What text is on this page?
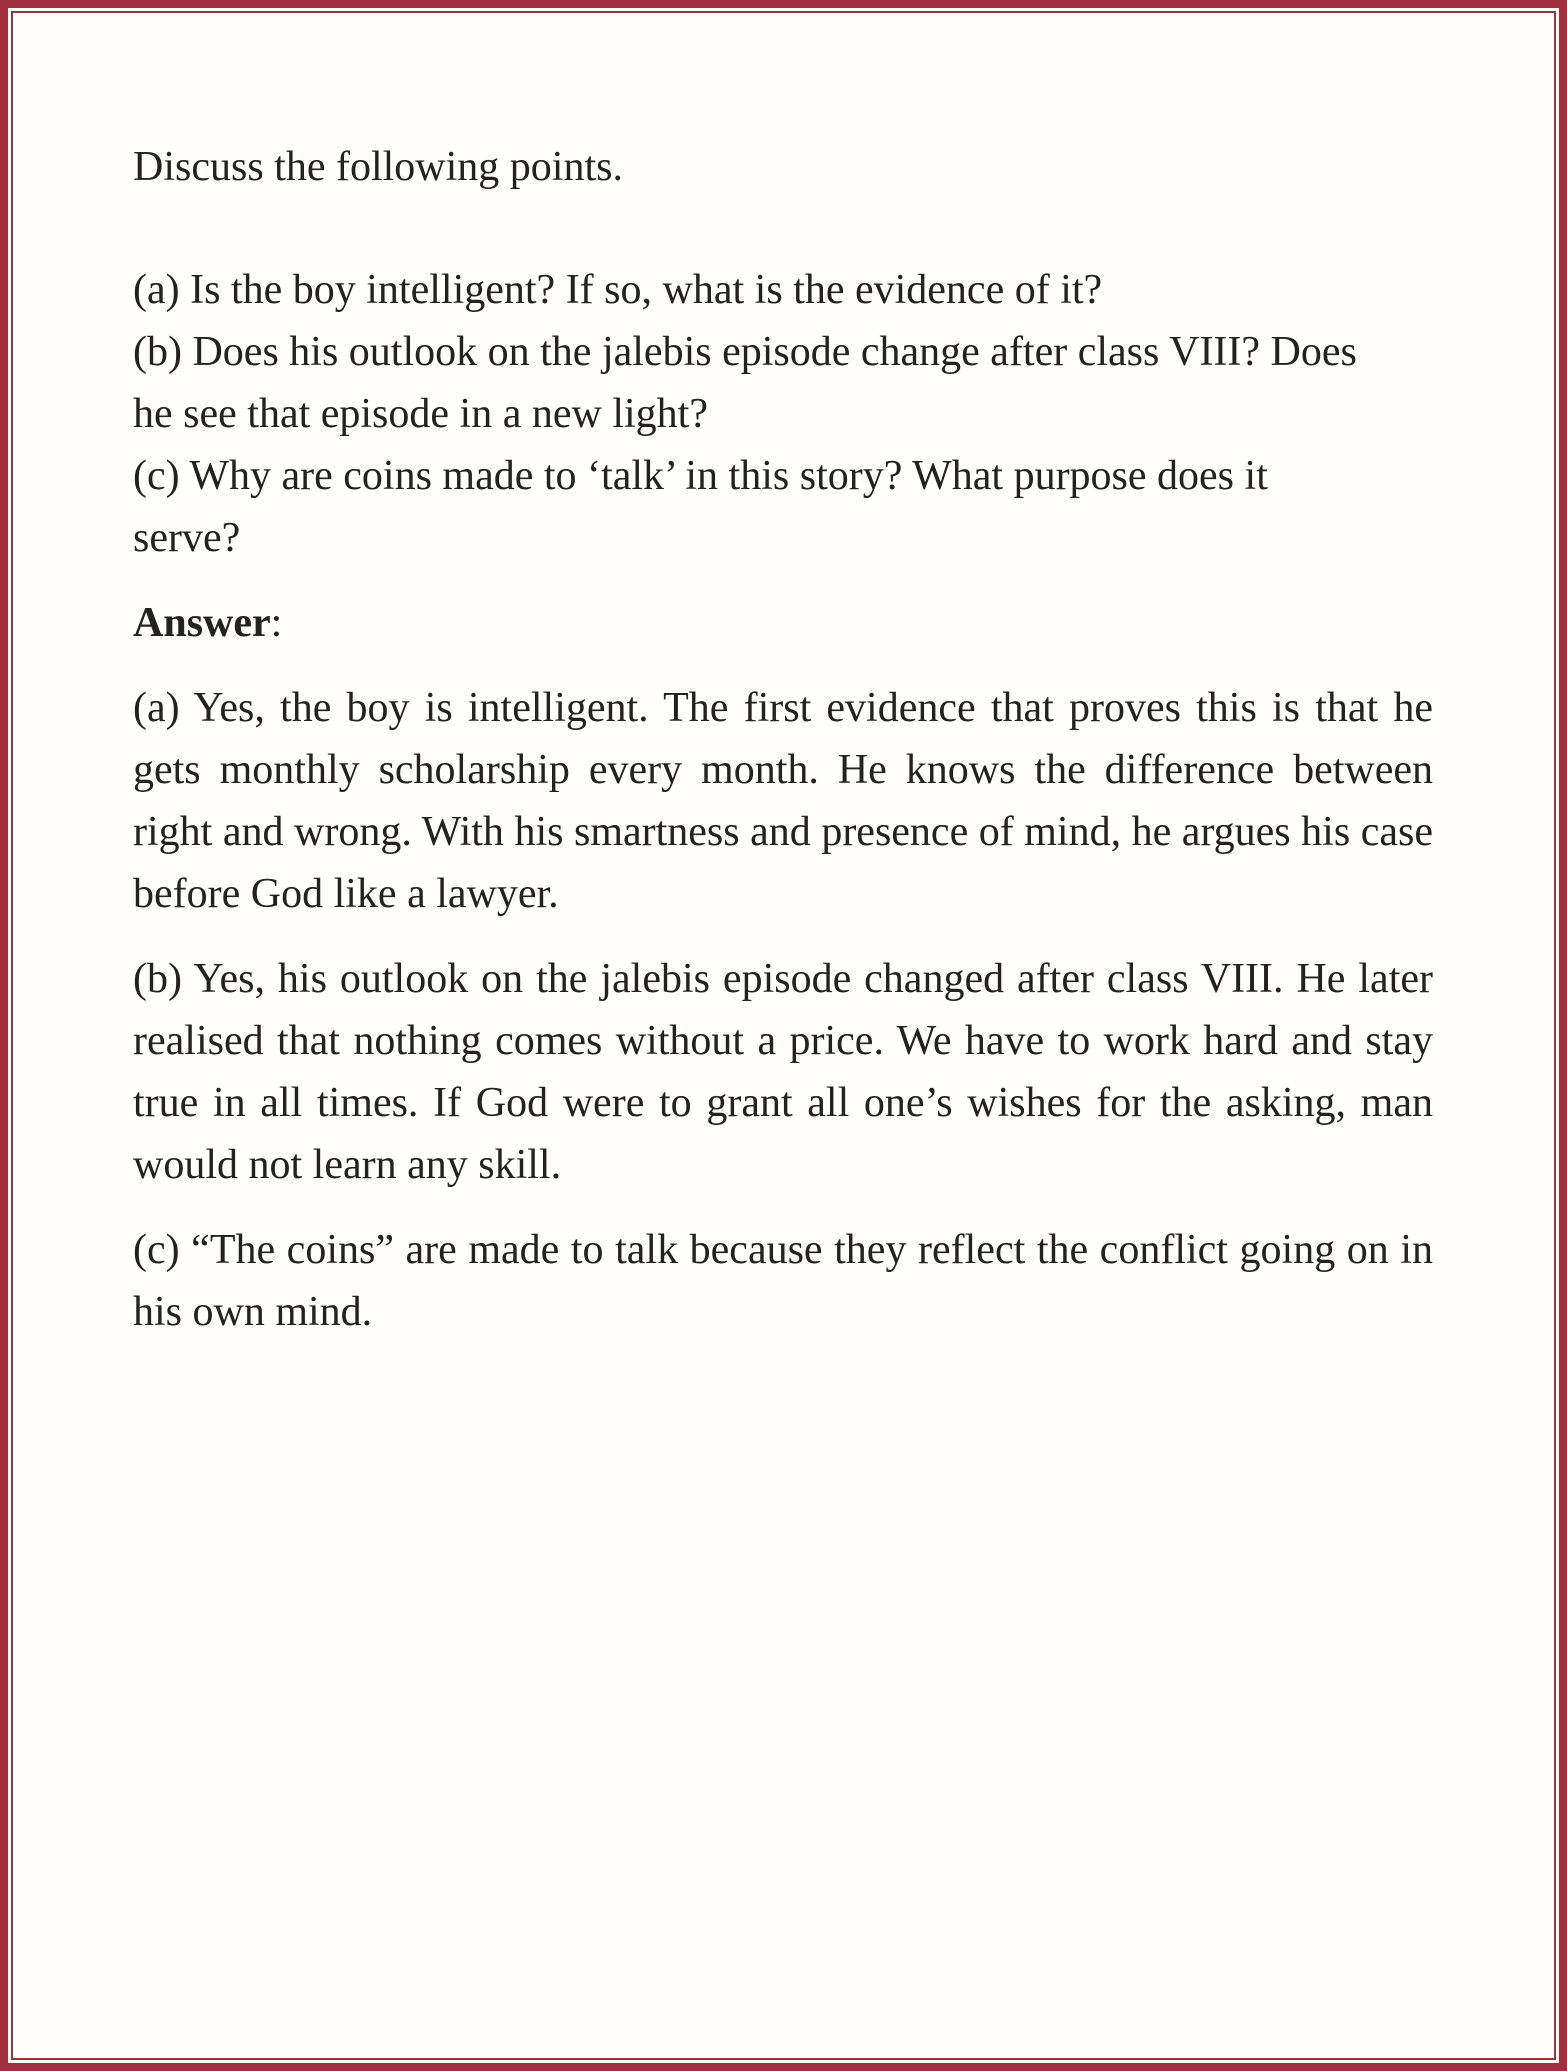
Discuss the following points.

(a) Is the boy intelligent? If so, what is the evidence of it?

(b) Does his outlook on the jalebis episode change after class VIII? Does he see that episode in a new light?

(c) Why are coins made to ‘talk’ in this story? What purpose does it serve?

Answer:

(a) Yes, the boy is intelligent. The first evidence that proves this is that he gets monthly scholarship every month. He knows the difference between right and wrong. With his smartness and presence of mind, he argues his case before God like a lawyer.

(b) Yes, his outlook on the jalebis episode changed after class VIII. He later realised that nothing comes without a price. We have to work hard and stay true in all times. If God were to grant all one’s wishes for the asking, man would not learn any skill.

(c) “The coins” are made to talk because they reflect the conflict going on in his own mind.
